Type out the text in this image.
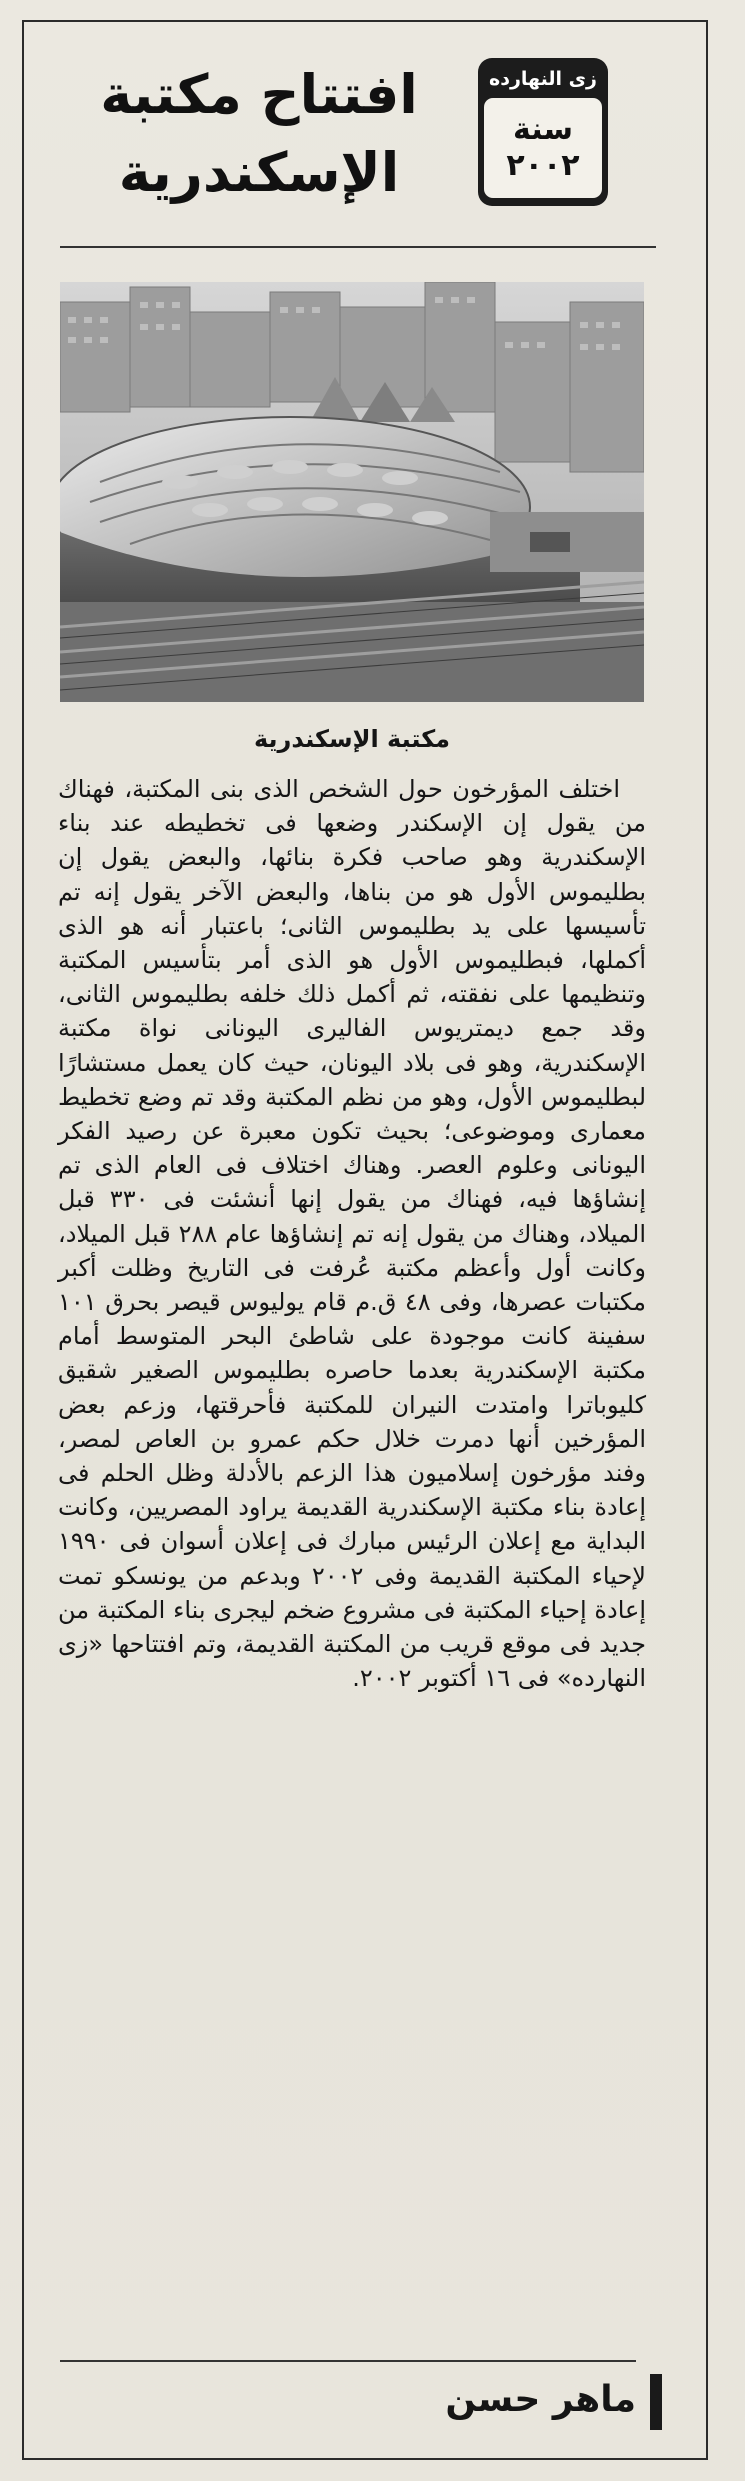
زى النهارده
سنة
٢٠٠٢
افتتاح مكتبة الإسكندرية
مكتبة الإسكندرية
اختلف المؤرخون حول الشخص الذى بنى المكتبة، فهناك من يقول إن الإسكندر وضعها فى تخطيطه عند بناء الإسكندرية وهو صاحب فكرة بنائها، والبعض يقول إن بطليموس الأول هو من بناها، والبعض الآخر يقول إنه تم تأسيسها على يد بطليموس الثانى؛ باعتبار أنه هو الذى أكملها، فبطليموس الأول هو الذى أمر بتأسيس المكتبة وتنظيمها على نفقته، ثم أكمل ذلك خلفه بطليموس الثانى، وقد جمع ديمتريوس الفاليرى اليونانى نواة مكتبة الإسكندرية، وهو فى بلاد اليونان، حيث كان يعمل مستشارًا لبطليموس الأول، وهو من نظم المكتبة وقد تم وضع تخطيط معمارى وموضوعى؛ بحيث تكون معبرة عن رصيد الفكر اليونانى وعلوم العصر. وهناك اختلاف فى العام الذى تم إنشاؤها فيه، فهناك من يقول إنها أنشئت فى ٣٣٠ قبل الميلاد، وهناك من يقول إنه تم إنشاؤها عام ٢٨٨ قبل الميلاد، وكانت أول وأعظم مكتبة عُرفت فى التاريخ وظلت أكبر مكتبات عصرها، وفى ٤٨ ق.م قام يوليوس قيصر بحرق ١٠١ سفينة كانت موجودة على شاطئ البحر المتوسط أمام مكتبة الإسكندرية بعدما حاصره بطليموس الصغير شقيق كليوباترا وامتدت النيران للمكتبة فأحرقتها، وزعم بعض المؤرخين أنها دمرت خلال حكم عمرو بن العاص لمصر، وفند مؤرخون إسلاميون هذا الزعم بالأدلة وظل الحلم فى إعادة بناء مكتبة الإسكندرية القديمة يراود المصريين، وكانت البداية مع إعلان الرئيس مبارك فى إعلان أسوان فى ١٩٩٠ لإحياء المكتبة القديمة وفى ٢٠٠٢ وبدعم من يونسكو تمت إعادة إحياء المكتبة فى مشروع ضخم ليجرى بناء المكتبة من جديد فى موقع قريب من المكتبة القديمة، وتم افتتاحها «زى النهارده» فى ١٦ أكتوبر ٢٠٠٢.
ماهر حسن
